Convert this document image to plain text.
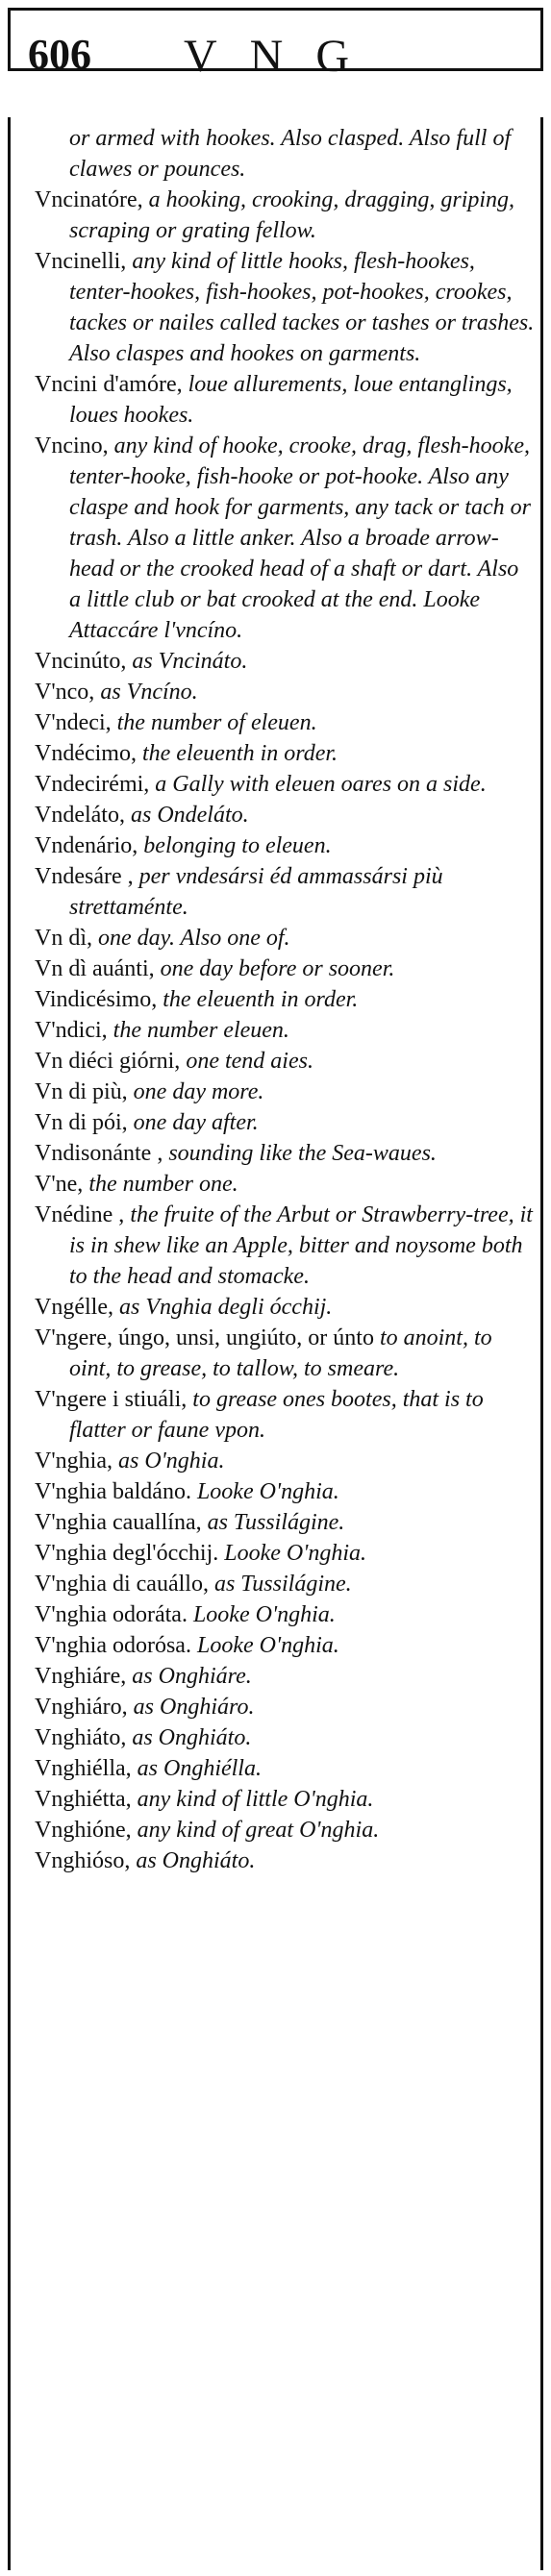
606 VNG
or armed with hookes. Also clasped. Also full of clawes or pounces.
Vncinatóre, a hooking, crooking, dragging, griping, scraping or grating fellow.
Vncinelli, any kind of little hooks, flesh-hookes, tenter-hookes, fish-hookes, pot-hookes, crookes, tackes or nailes called tackes or tashes or trashes. Also claspes and hookes on garments.
Vncini d'amóre, loue allurements, loue entanglings, loues hookes.
Vncino, any kind of hooke, crooke, drag, flesh-hooke, tenter-hooke, fish-hooke or pot-hooke. Also any claspe and hook for garments, any tack or tach or trash. Also a little anker. Also a broade arrow-head or the crooked head of a shaft or dart. Also a little club or bat crooked at the end. Looke Attaccáre l'vncíno.
Vncinúto, as Vncináto.
V'nco, as Vncíno.
V'ndeci, the number of eleuen.
Vndécimo, the eleuenth in order.
Vndecirémi, a Gally with eleuen oares on a side.
Vndeláto, as Ondeláto.
Vndenário, belonging to eleuen.
Vndesáre , per vndesársi éd ammassársi più strettaménte.
Vn dì, one day. Also one of.
Vn dì auánti, one day before or sooner.
Vindicésimo, the eleuenth in order.
V'ndici, the number eleuen.
Vn diéci giórni, one tend aies.
Vn di più, one day more.
Vn di pói, one day after.
Vndisonánte , sounding like the Sea-waues.
V'ne, the number one.
Vnédine , the fruite of the Arbut or Strawberry-tree, it is in shew like an Apple, bitter and noysome both to the head and stomacke.
Vngélle, as Vnghia degli ócchij.
V'ngere, úngo, unsi, ungiúto, or únto to anoint, to oint, to grease, to tallow, to smeare.
V'ngere i stiuáli, to grease ones bootes, that is to flatter or faune vpon.
V'nghia, as O'nghia.
V'nghia baldáno. Looke O'nghia.
V'nghia cauallína, as Tussilágine.
V'nghia degl'ócchij. Looke O'nghia.
V'nghia di cauállo, as Tussilágine.
V'nghia odoráta. Looke O'nghia.
V'nghia odorósa. Looke O'nghia.
Vnghiáre, as Onghiáre.
Vnghiáro, as Onghiáro.
Vnghiáto, as Onghiáto.
Vnghiélla, as Onghiélla.
Vnghiétta, any kind of little O'nghia.
Vnghióne, any kind of great O'nghia.
Vnghióso, as Onghiáto.
